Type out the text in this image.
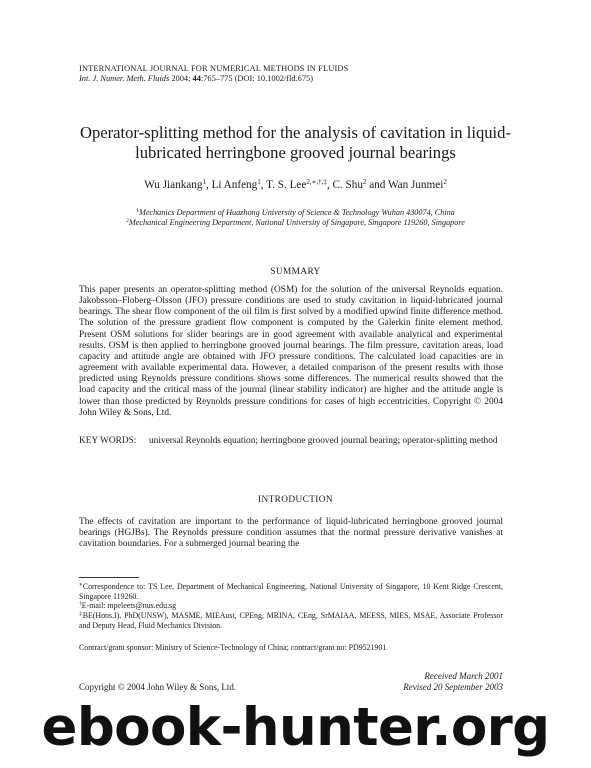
INTERNATIONAL JOURNAL FOR NUMERICAL METHODS IN FLUIDS
Int. J. Numer. Meth. Fluids 2004; 44:765–775 (DOI: 10.1002/fld.675)
Operator-splitting method for the analysis of cavitation in liquid-lubricated herringbone grooved journal bearings
Wu Jiankang$^1$, Li Anfeng$^1$, T. S. Lee$^{2,∗,\dagger,\ddagger}$, C. Shu$^2$ and Wan Junmei$^2$
$^1$Mechanics Department of Huazhong University of Science & Technology Wuhan 430074, China
$^2$Mechanical Engineering Department, National University of Singapore, Singapore 119260, Singapore
SUMMARY
This paper presents an operator-splitting method (OSM) for the solution of the universal Reynolds equation. Jakobsson–Floberg–Olsson (JFO) pressure conditions are used to study cavitation in liquid-lubricated journal bearings. The shear flow component of the oil film is first solved by a modified upwind finite difference method. The solution of the pressure gradient flow component is computed by the Galerkin finite element method. Present OSM solutions for slider bearings are in good agreement with available analytical and experimental results. OSM is then applied to herringbone grooved journal bearings. The film pressure, cavitation areas, load capacity and attitude angle are obtained with JFO pressure conditions. The calculated load capacities are in agreement with available experimental data. However, a detailed comparison of the present results with those predicted using Reynolds pressure conditions shows some differences. The numerical results showed that the load capacity and the critical mass of the journal (linear stability indicator) are higher and the attitude angle is lower than those predicted by Reynolds pressure conditions for cases of high eccentricities. Copyright © 2004 John Wiley & Sons, Ltd.
KEY WORDS: universal Reynolds equation; herringbone grooved journal bearing; operator-splitting method
INTRODUCTION
The effects of cavitation are important to the performance of liquid-lubricated herringbone grooved journal bearings (HGJBs). The Reynolds pressure condition assumes that the normal pressure derivative vanishes at cavitation boundaries. For a submerged journal bearing the
∗Correspondence to: TS Lee, Department of Mechanical Engineering, National University of Singapore, 10 Kent Ridge Crescent, Singapore 119260.
†E-mail: mpeleets@nus.edu.sg
‡BE(Hons.I), PhD(UNSW), MASME, MIEAust, CPEng, MRINA, CEng, SrMAIAA, MEESS, MIES, MSAE, Associate Professor and Deputy Head, Fluid Mechanics Division.
Contract/grant sponsor: Ministry of Science-Technology of China; contract/grant no: PD9521901
Received March 2001
Revised 20 September 2003
Copyright © 2004 John Wiley & Sons, Ltd.
ebook-hunter.org
